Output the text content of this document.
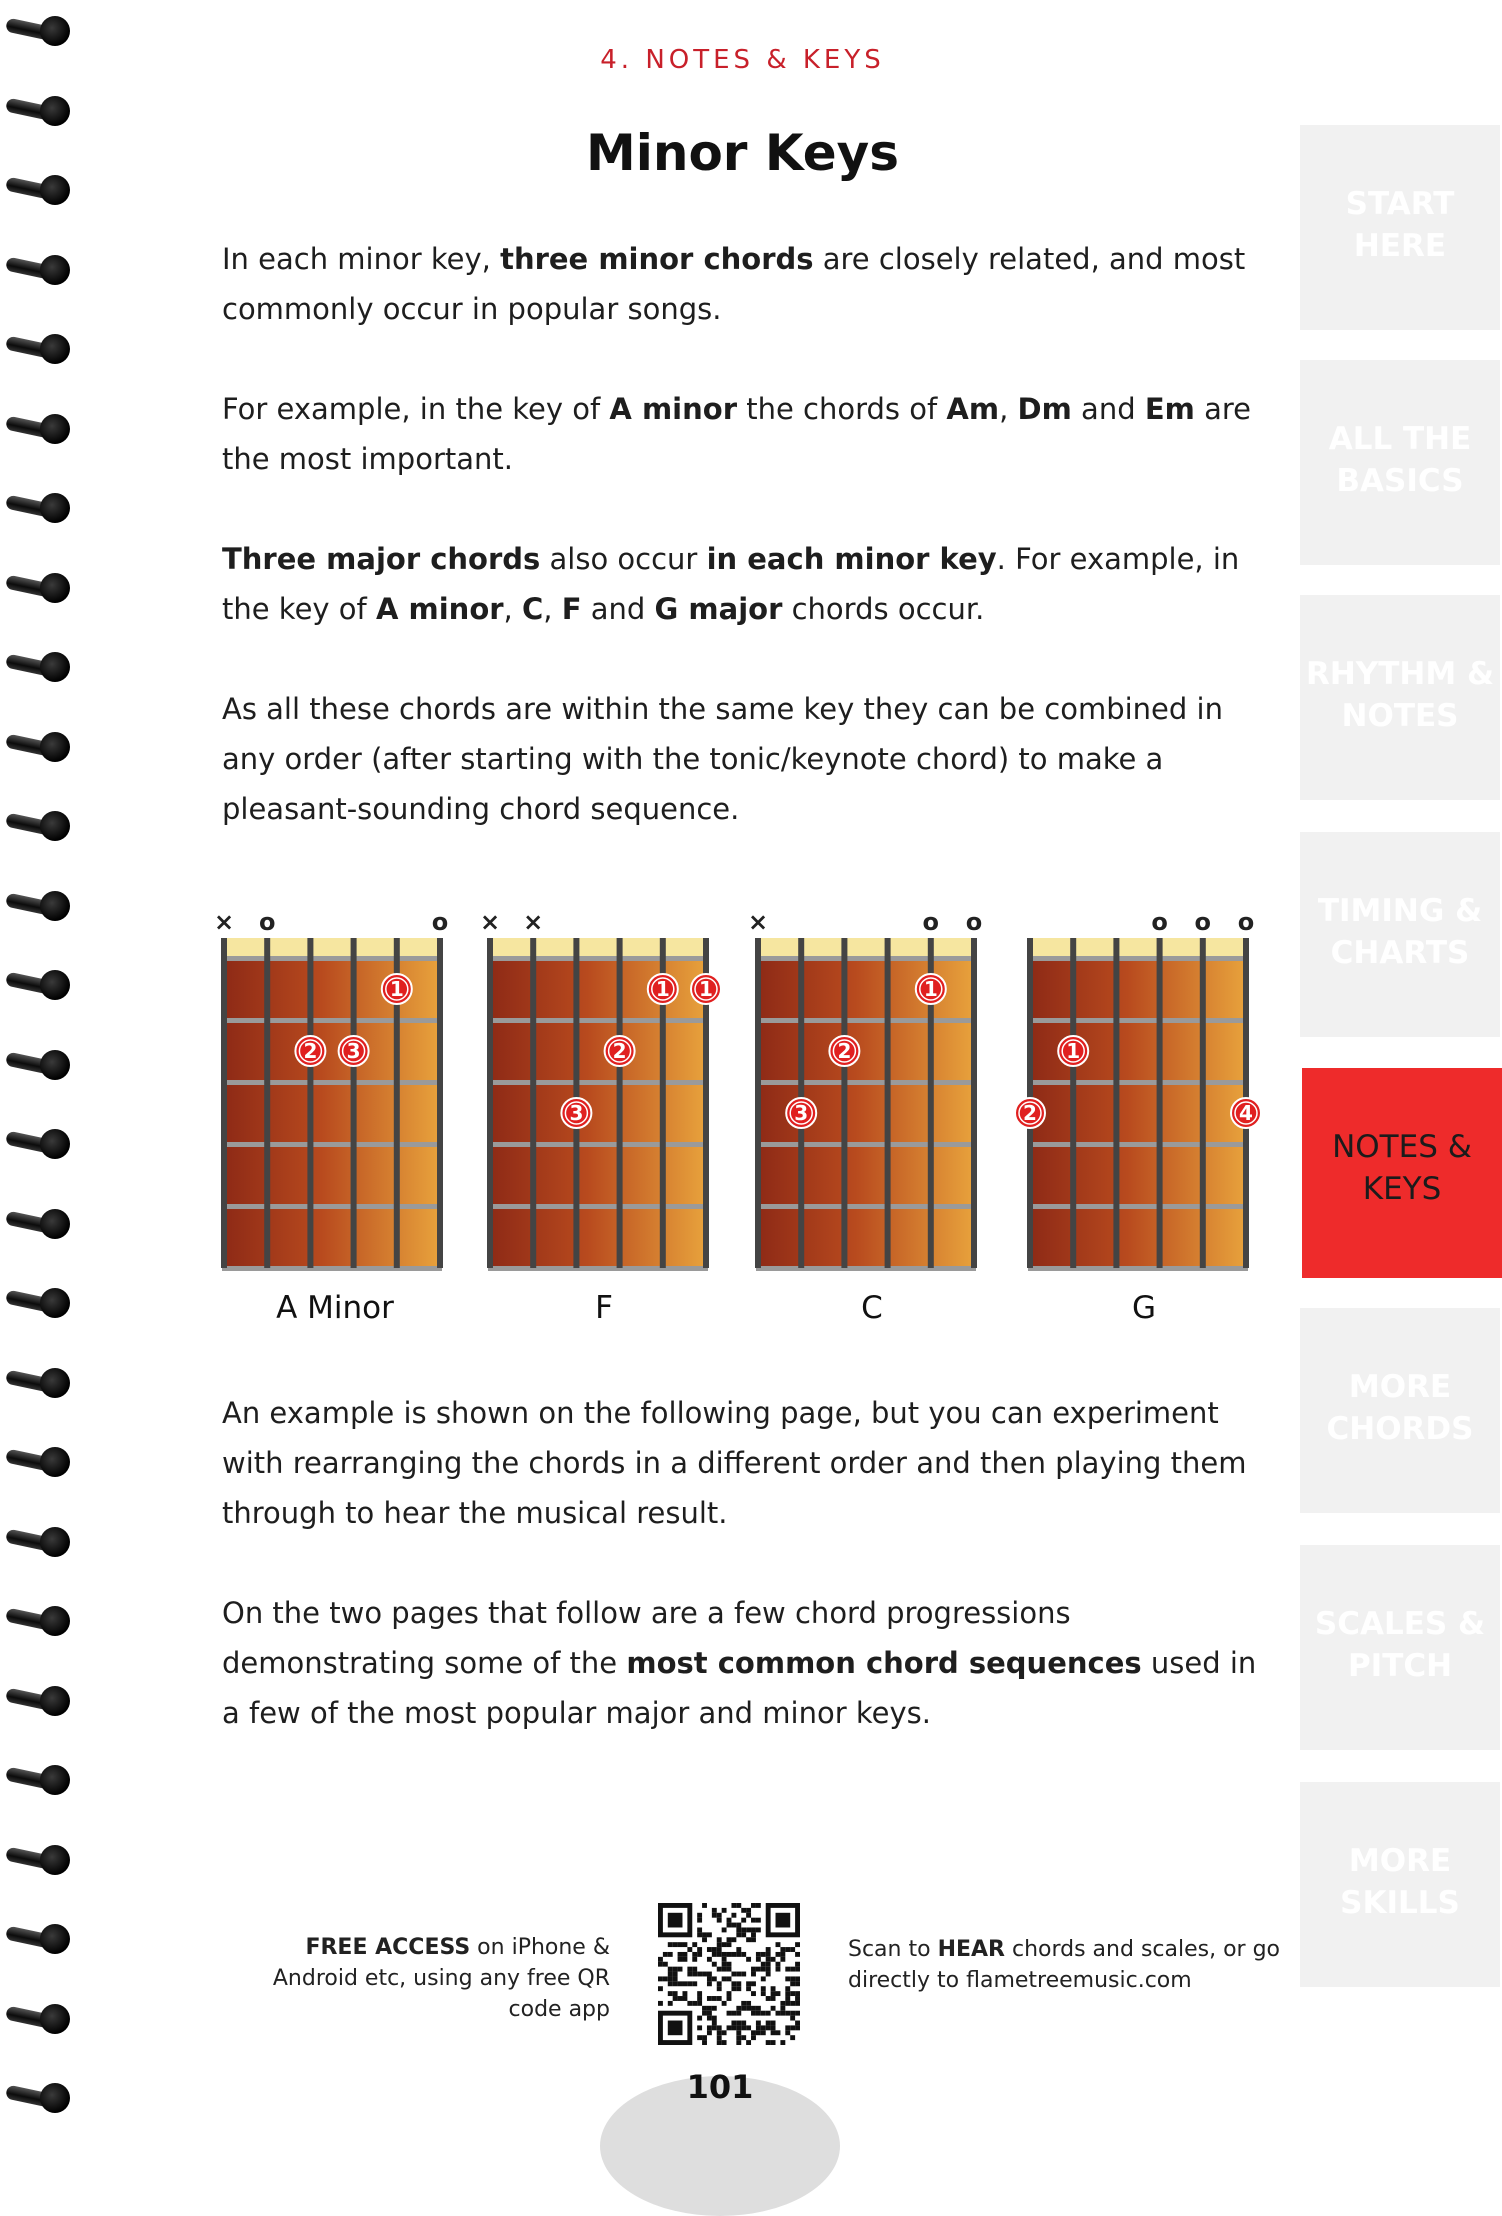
4. NOTES & KEYS
Minor Keys
In each minor key, three minor chords are closely related, and most commonly occur in popular songs.
For example, in the key of A minor the chords of Am, Dm and Em are the most important.
Three major chords also occur in each minor key. For example, in the key of A minor, C, F and G major chords occur.
As all these chords are within the same key they can be combined in any order (after starting with the tonic/keynote chord) to make a pleasant-sounding chord sequence.
An example is shown on the following page, but you can experiment with rearranging the chords in a different order and then playing them through to hear the musical result.
On the two pages that follow are a few chord progressions demonstrating some of the most common chord sequences used in a few of the most popular major and minor keys.
× o	o
1
2 3
× ×
1 1
2
3
×	o o
1
2
3
o o o
1
2	4
A Minor	F	C	G
START HERE
ALL THE BASICS
RHYTHM & NOTES
TIMING & CHARTS
NOTES & KEYS
MORE CHORDS
SCALES & PITCH
MORE SKILLS
FREE ACCESS on iPhone & Android etc, using any free QR code app
Scan to HEAR chords and scales, or go directly to flametreemusic.com
101
